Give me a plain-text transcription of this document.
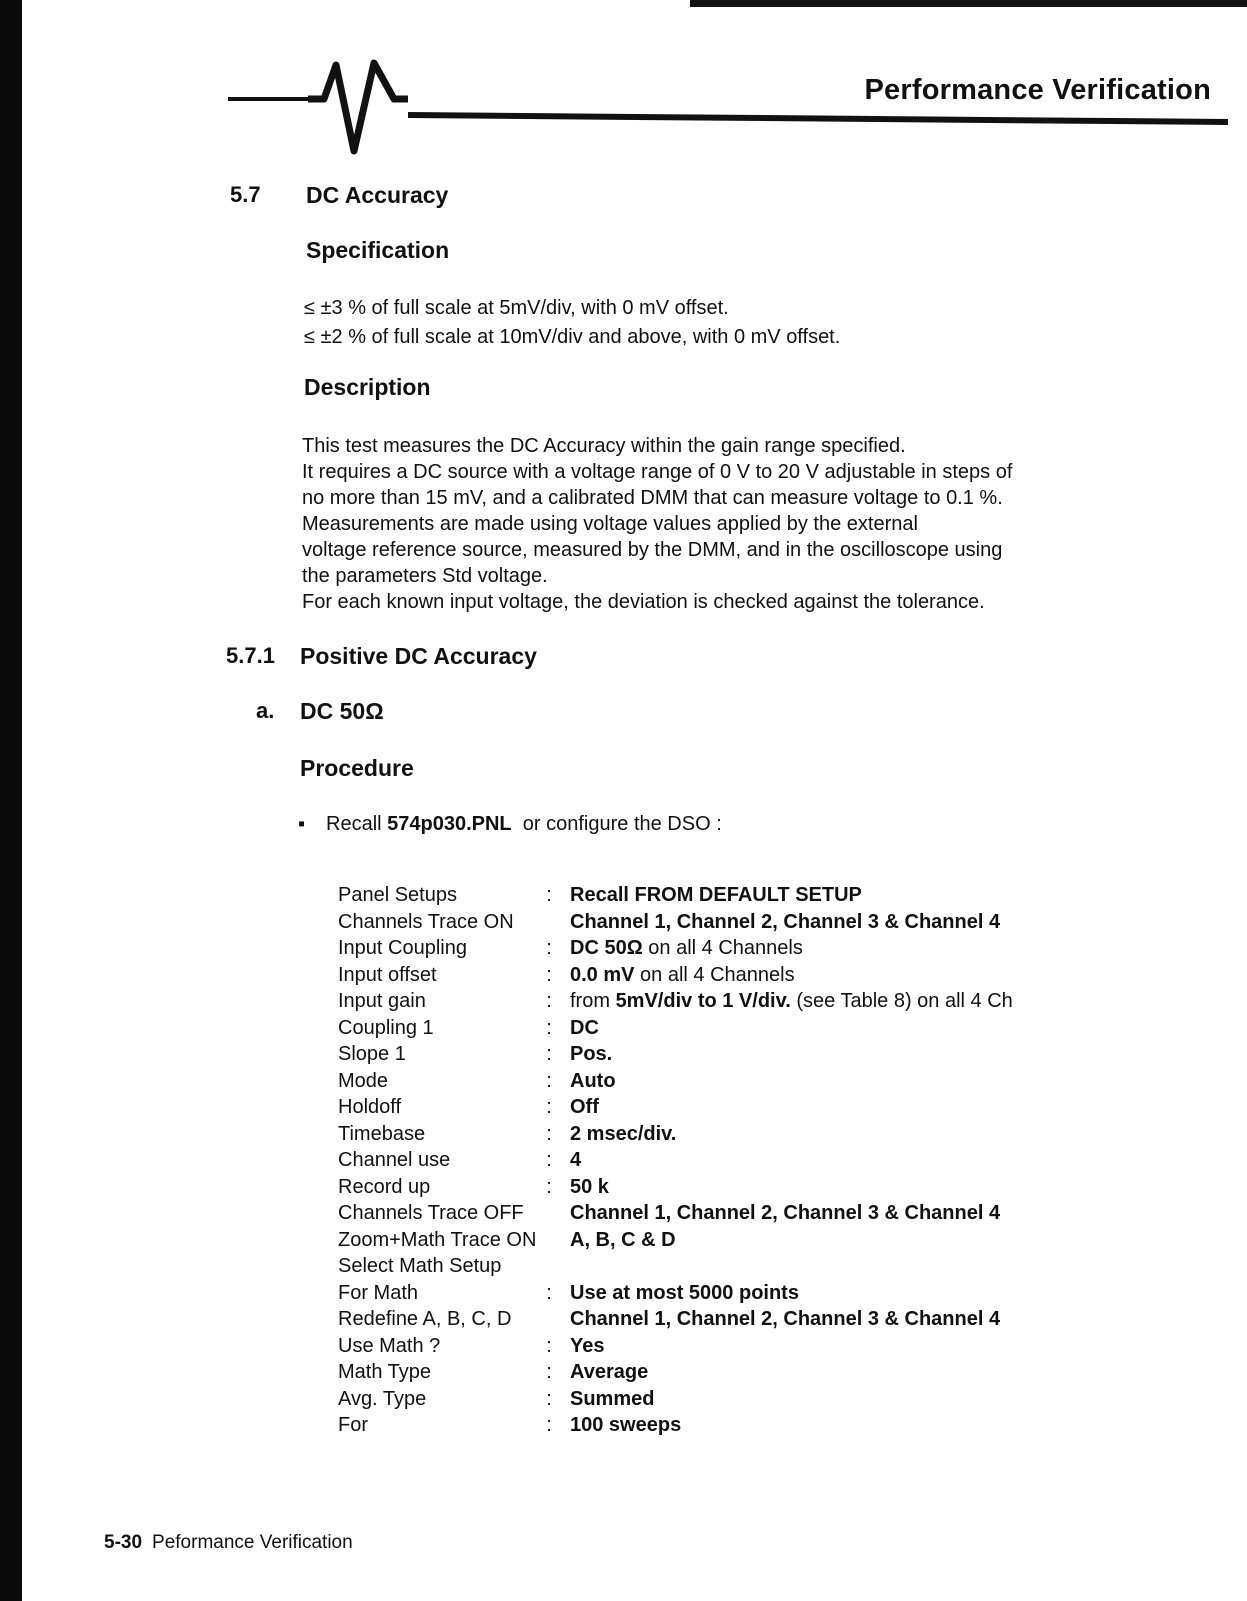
Performance Verification
5.7 DC Accuracy
Specification
≤ ±3 % of full scale at 5mV/div, with 0 mV offset.
≤ ±2 % of full scale at 10mV/div and above, with 0 mV offset.
Description
This test measures the DC Accuracy within the gain range specified.
It requires a DC source with a voltage range of 0 V to 20 V adjustable in steps of
no more than 15 mV, and a calibrated DMM that can measure voltage to 0.1 %.
Measurements are made using voltage values applied by the external
voltage reference source, measured by the DMM, and in the oscilloscope using
the parameters Std voltage.
For each known input voltage, the deviation is checked against the tolerance.
5.7.1 Positive DC Accuracy
a. DC 50Ω
Procedure
▪ Recall 574p030.PNL  or configure the DSO :
Panel Setups	: Recall FROM DEFAULT SETUP
Channels Trace ON	Channel 1, Channel 2, Channel 3 & Channel 4
Input Coupling	: DC 50Ω on all 4 Channels
Input offset	: 0.0 mV on all 4 Channels
Input gain	: from 5mV/div to 1 V/div. (see Table 8) on all 4 Ch
Coupling 1	: DC
Slope 1	: Pos.
Mode	: Auto
Holdoff	: Off
Timebase	: 2 msec/div.
Channel use	: 4
Record up	: 50 k
Channels Trace OFF Channel 1, Channel 2, Channel 3 & Channel 4
Zoom+Math Trace ON A, B, C & D
Select Math Setup
For Math	: Use at most 5000 points
Redefine A, B, C, D	Channel 1, Channel 2, Channel 3 & Channel 4
Use Math ?	: Yes
Math Type	: Average
Avg. Type	: Summed
For	: 100 sweeps
5-30 Peformance Verification
